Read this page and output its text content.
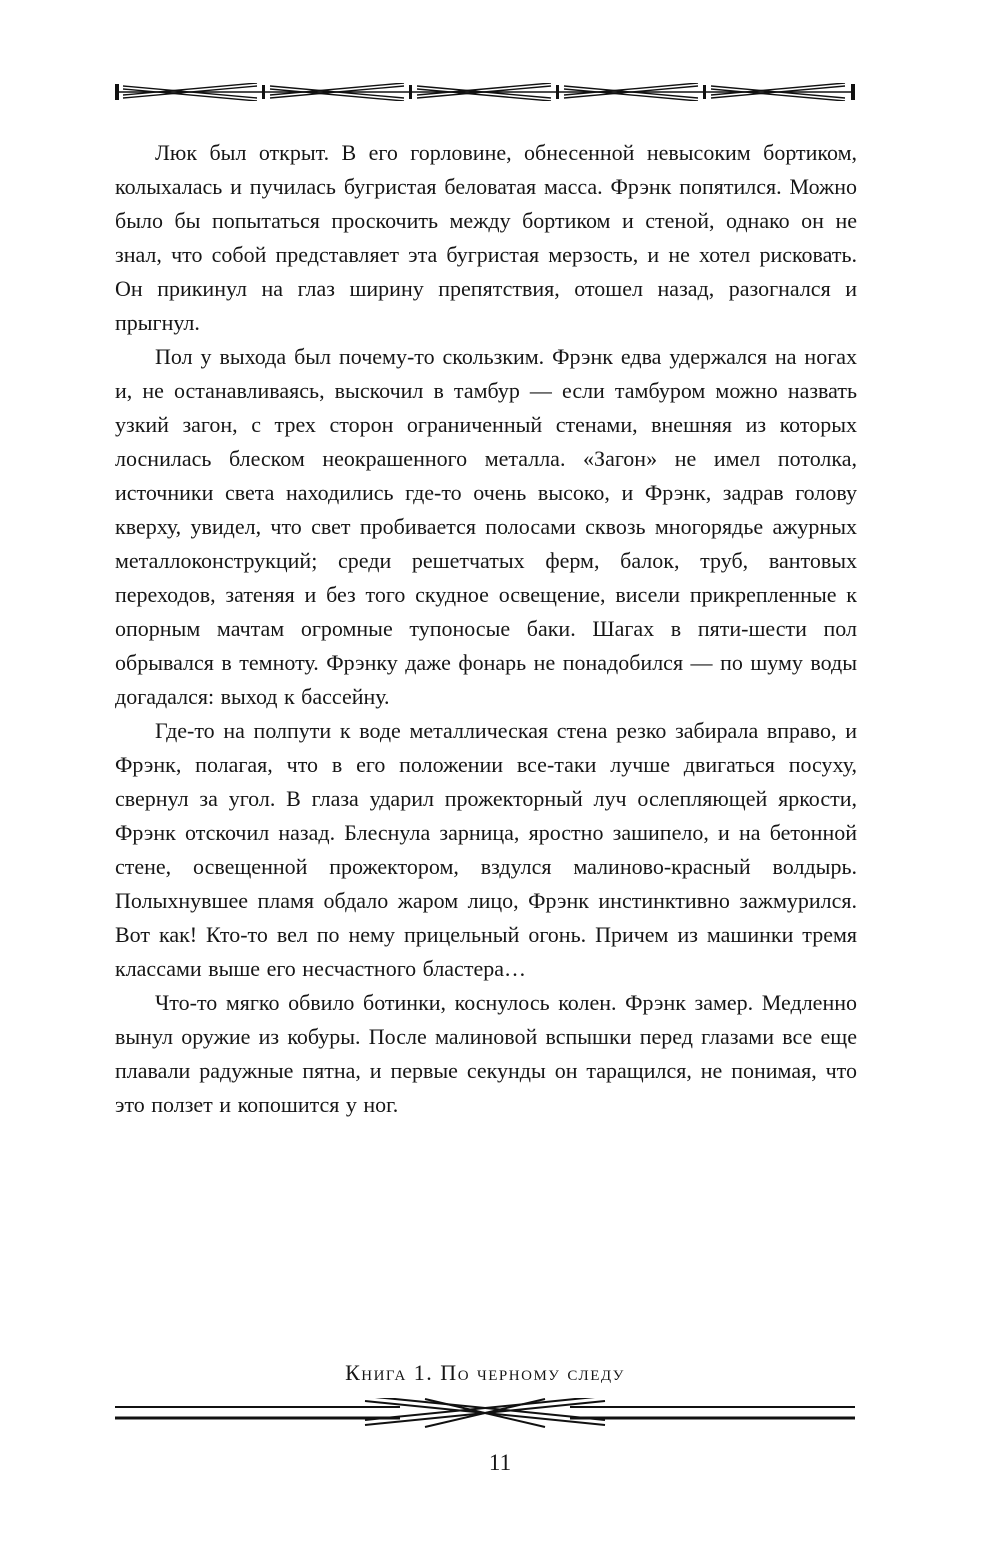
Люк был открыт. В его горловине, обнесенной невысоким бортиком, колыхалась и пучилась бугристая беловатая масса. Фрэнк попятился. Можно было бы попытаться проскочить между бортиком и стеной, однако он не знал, что собой представляет эта бугристая мерзость, и не хотел рисковать. Он прикинул на глаз ширину препятствия, отошел назад, разогнался и прыгнул.

Пол у выхода был почему-то скользким. Фрэнк едва удержался на ногах и, не останавливаясь, выскочил в тамбур — если тамбуром можно назвать узкий загон, с трех сторон ограниченный стенами, внешняя из которых лоснилась блеском неокрашенного металла. «Загон» не имел потолка, источники света находились где-то очень высоко, и Фрэнк, задрав голову кверху, увидел, что свет пробивается полосами сквозь многорядье ажурных металлоконструкций; среди решетчатых ферм, балок, труб, вантовых переходов, затеняя и без того скудное освещение, висели прикрепленные к опорным мачтам огромные тупоносые баки. Шагах в пяти-шести пол обрывался в темноту. Фрэнку даже фонарь не понадобился — по шуму воды догадался: выход к бассейну.

Где-то на полпути к воде металлическая стена резко забирала вправо, и Фрэнк, полагая, что в его положении все-таки лучше двигаться посуху, свернул за угол. В глаза ударил прожекторный луч ослепляющей яркости, Фрэнк отскочил назад. Блеснула зарница, яростно зашипело, и на бетонной стене, освещенной прожектором, вздулся малиново-красный волдырь. Полыхнувшее пламя обдало жаром лицо, Фрэнк инстинктивно зажмурился. Вот как! Кто-то вел по нему прицельный огонь. Причем из машинки тремя классами выше его несчастного бластера…

Что-то мягко обвило ботинки, коснулось колен. Фрэнк замер. Медленно вынул оружие из кобуры. После малиновой вспышки перед глазами все еще плавали радужные пятна, и первые секунды он таращился, не понимая, что это ползет и копошится у ног.

Книга 1. По черному следу
11
